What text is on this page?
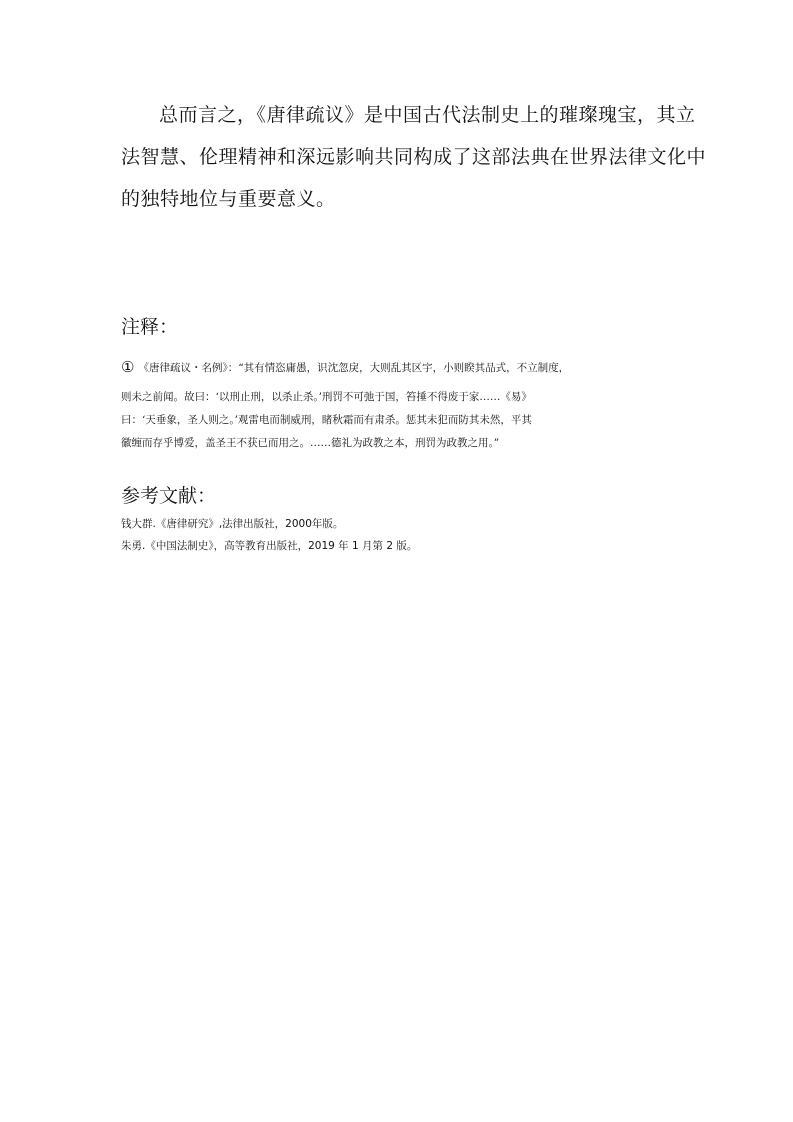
总而言之，《唐律疏议》是中国古代法制史上的璀璨瑰宝，其立
法智慧、伦理精神和深远影响共同构成了这部法典在世界法律文化中
的独特地位与重要意义。
注释：
① 《唐律疏议・名例》：“其有情恣庸愚，识沈忽戾，大则乱其区宇，小则睽其品式，不立制度，
则未之前闻。故曰：‘以刑止刑，以杀止杀。’刑罚不可弛于国，笞捶不得废于家……《易》
曰：‘天垂象，圣人则之。’观雷电而制威刑，睹秋霜而有肃杀。惩其未犯而防其未然，平其
徽缠而存乎博爱，盖圣王不获已而用之。……德礼为政教之本，刑罚为政教之用。”
参考文献：
钱大群.《唐律研究》,法律出版社，2000年版。
朱勇.《中国法制史》，高等教育出版社，2019 年 1 月第 2 版。
